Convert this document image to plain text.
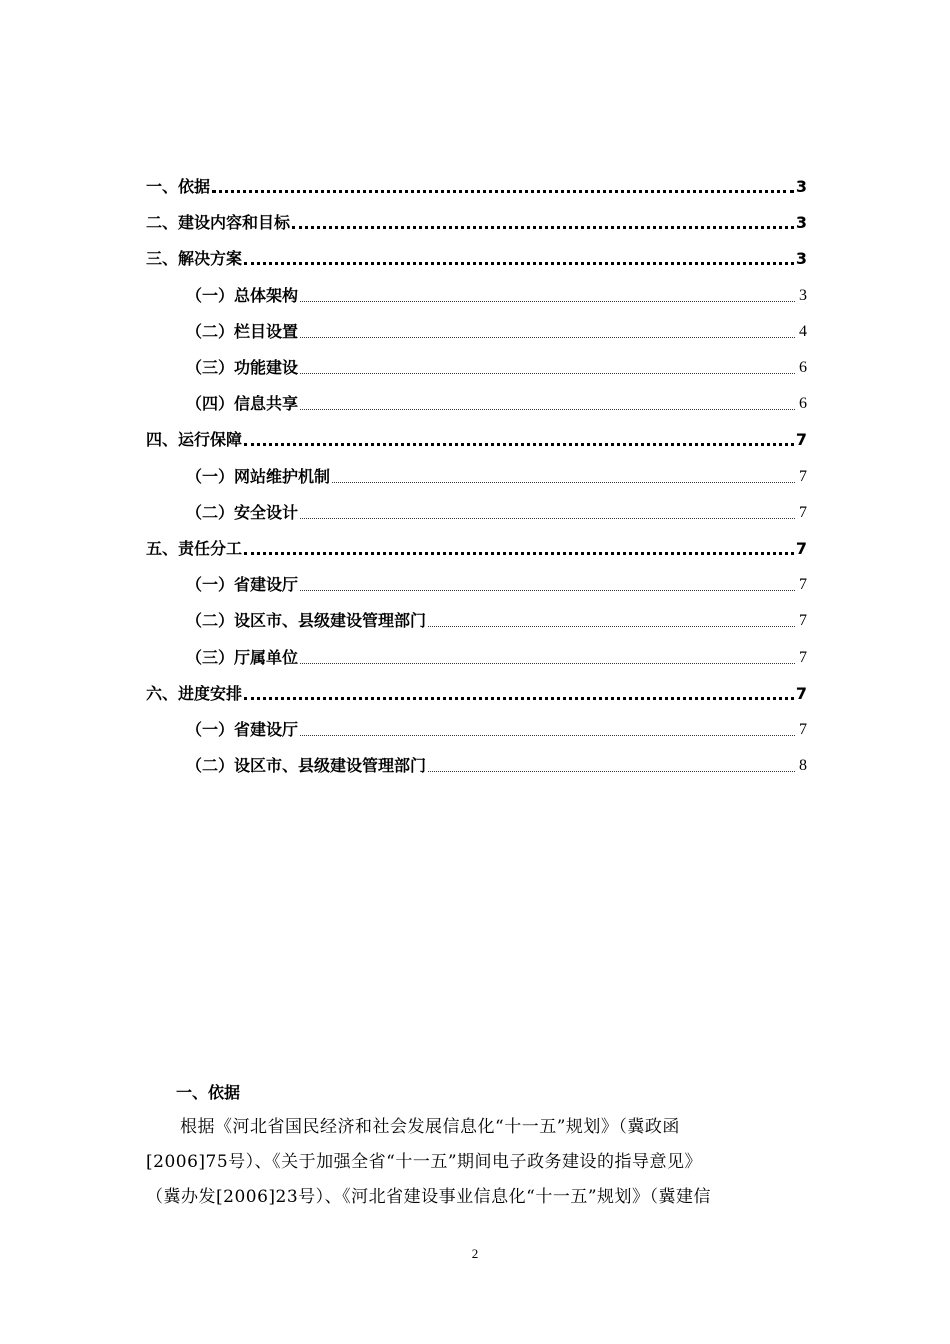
一、依据	3
二、建设内容和目标	3
三、解决方案	3
（一）总体架构	3
（二）栏目设置	4
（三）功能建设	6
（四）信息共享	6
四、运行保障	7
（一）网站维护机制	7
（二）安全设计	7
五、责任分工	7
（一）省建设厅	7
（二）设区市、县级建设管理部门	7
（三）厅属单位	7
六、进度安排	7
（一）省建设厅	7
（二）设区市、县级建设管理部门	8
一、依据
根据《河北省国民经济和社会发展信息化“十一五”规划》（冀政函
[2006]75号）、《关于加强全省“十一五”期间电子政务建设的指导意见》
（冀办发[2006]23号）、《河北省建设事业信息化“十一五”规划》（冀建信
2
